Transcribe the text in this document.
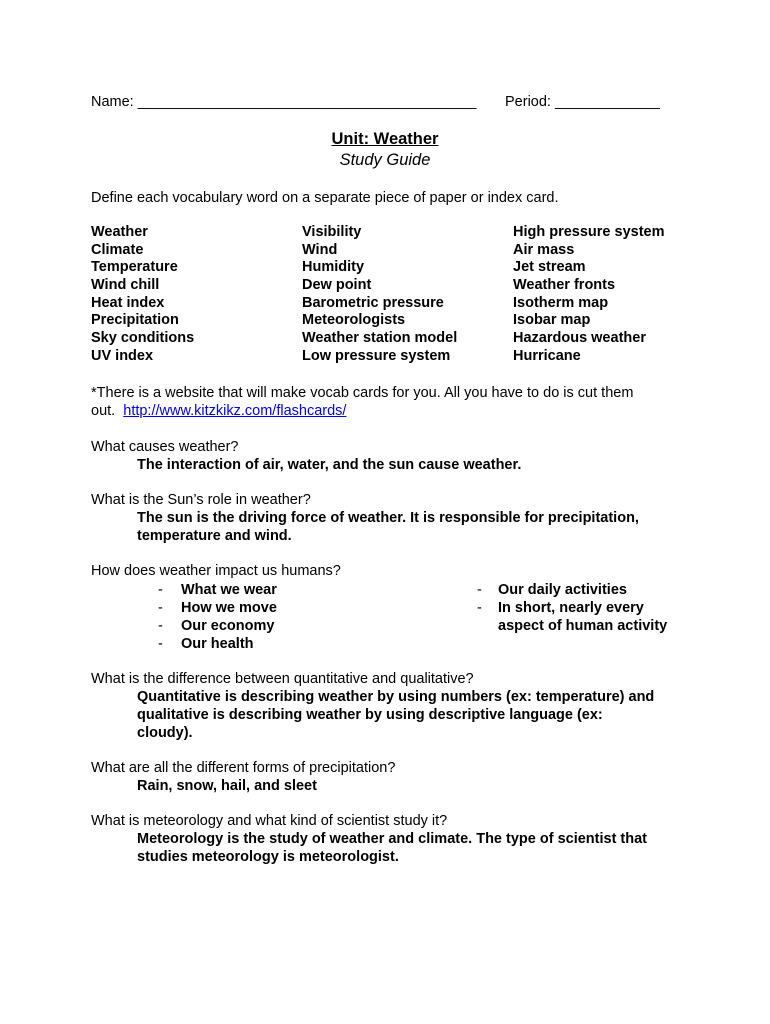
Name: __________________________________________ Period: _____________
Unit: Weather
Study Guide
Define each vocabulary word on a separate piece of paper or index card.
Weather
Climate
Temperature
Wind chill
Heat index
Precipitation
Sky conditions
UV index
Visibility
Wind
Humidity
Dew point
Barometric pressure
Meteorologists
Weather station model
Low pressure system
High pressure system
Air mass
Jet stream
Weather fronts
Isotherm map
Isobar map
Hazardous weather
Hurricane
*There is a website that will make vocab cards for you. All you have to do is cut them
out.  http://www.kitzkikz.com/flashcards/
What causes weather?
The interaction of air, water, and the sun cause weather.
What is the Sun’s role in weather?
The sun is the driving force of weather. It is responsible for precipitation,
temperature and wind.
How does weather impact us humans?
- What we wear
- How we move
- Our economy
- Our health
- Our daily activities
- In short, nearly every
aspect of human activity
What is the difference between quantitative and qualitative?
Quantitative is describing weather by using numbers (ex: temperature) and
qualitative is describing weather by using descriptive language (ex:
cloudy).
What are all the different forms of precipitation?
Rain, snow, hail, and sleet
What is meteorology and what kind of scientist study it?
Meteorology is the study of weather and climate. The type of scientist that
studies meteorology is meteorologist.
